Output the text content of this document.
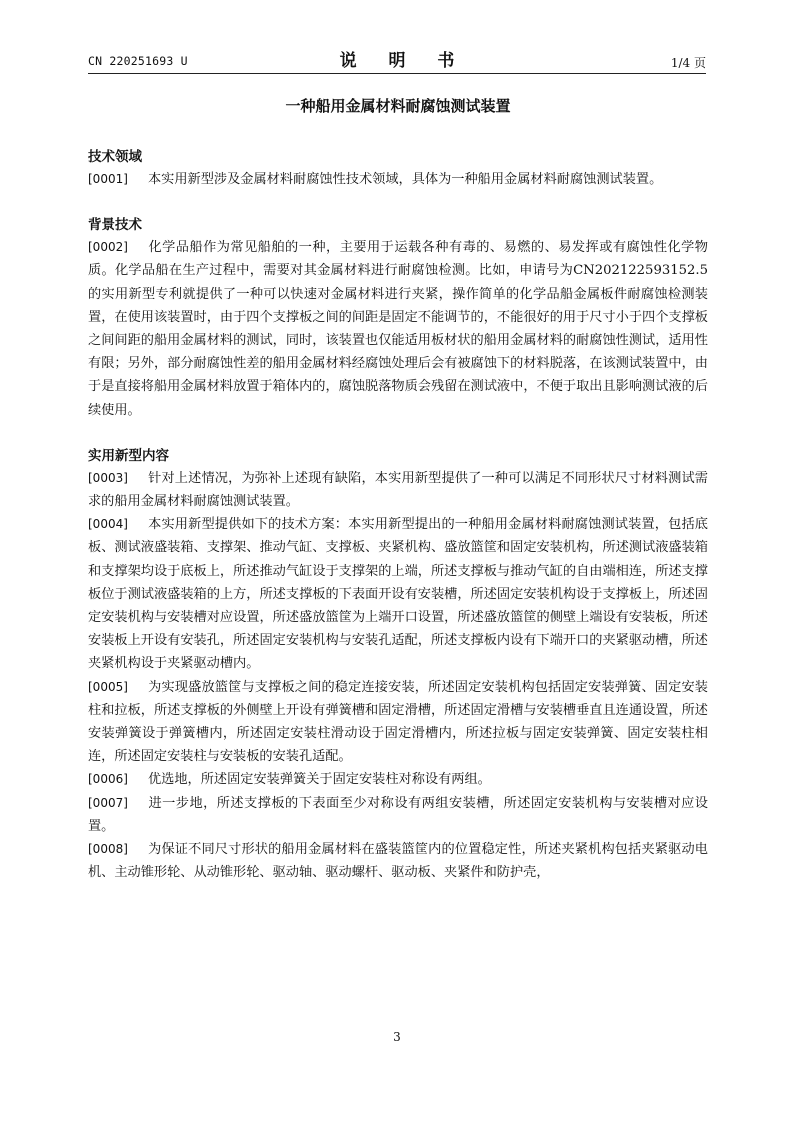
CN 220251693 U	说 明 书	1/4 页
一种船用金属材料耐腐蚀测试装置
技术领域

[0001] 本实用新型涉及金属材料耐腐蚀性技术领域，具体为一种船用金属材料耐腐蚀测试装置。

背景技术

[0002] 化学品船作为常见船舶的一种，主要用于运载各种有毒的、易燃的、易发挥或有腐蚀性化学物质。化学品船在生产过程中，需要对其金属材料进行耐腐蚀检测。比如，申请号为CN202122593152.5的实用新型专利就提供了一种可以快速对金属材料进行夹紧，操作简单的化学品船金属板件耐腐蚀检测装置，在使用该装置时，由于四个支撑板之间的间距是固定不能调节的，不能很好的用于尺寸小于四个支撑板之间间距的船用金属材料的测试，同时，该装置也仅能适用板材状的船用金属材料的耐腐蚀性测试，适用性有限；另外，部分耐腐蚀性差的船用金属材料经腐蚀处理后会有被腐蚀下的材料脱落，在该测试装置中，由于是直接将船用金属材料放置于箱体内的，腐蚀脱落物质会残留在测试液中，不便于取出且影响测试液的后续使用。

实用新型内容

[0003] 针对上述情况，为弥补上述现有缺陷，本实用新型提供了一种可以满足不同形状尺寸材料测试需求的船用金属材料耐腐蚀测试装置。

[0004] 本实用新型提供如下的技术方案：本实用新型提出的一种船用金属材料耐腐蚀测试装置，包括底板、测试液盛装箱、支撑架、推动气缸、支撑板、夹紧机构、盛放篮筐和固定安装机构，所述测试液盛装箱和支撑架均设于底板上，所述推动气缸设于支撑架的上端，所述支撑板与推动气缸的自由端相连，所述支撑板位于测试液盛装箱的上方，所述支撑板的下表面开设有安装槽，所述固定安装机构设于支撑板上，所述固定安装机构与安装槽对应设置，所述盛放篮筐为上端开口设置，所述盛放篮筐的侧壁上端设有安装板，所述安装板上开设有安装孔，所述固定安装机构与安装孔适配，所述支撑板内设有下端开口的夹紧驱动槽，所述夹紧机构设于夹紧驱动槽内。

[0005] 为实现盛放篮筐与支撑板之间的稳定连接安装，所述固定安装机构包括固定安装弹簧、固定安装柱和拉板，所述支撑板的外侧壁上开设有弹簧槽和固定滑槽，所述固定滑槽与安装槽垂直且连通设置，所述安装弹簧设于弹簧槽内，所述固定安装柱滑动设于固定滑槽内，所述拉板与固定安装弹簧、固定安装柱相连，所述固定安装柱与安装板的安装孔适配。

[0006] 优选地，所述固定安装弹簧关于固定安装柱对称设有两组。

[0007] 进一步地，所述支撑板的下表面至少对称设有两组安装槽，所述固定安装机构与安装槽对应设置。

[0008] 为保证不同尺寸形状的船用金属材料在盛装篮筐内的位置稳定性，所述夹紧机构包括夹紧驱动电机、主动锥形轮、从动锥形轮、驱动轴、驱动螺杆、驱动板、夹紧件和防护壳，

3
